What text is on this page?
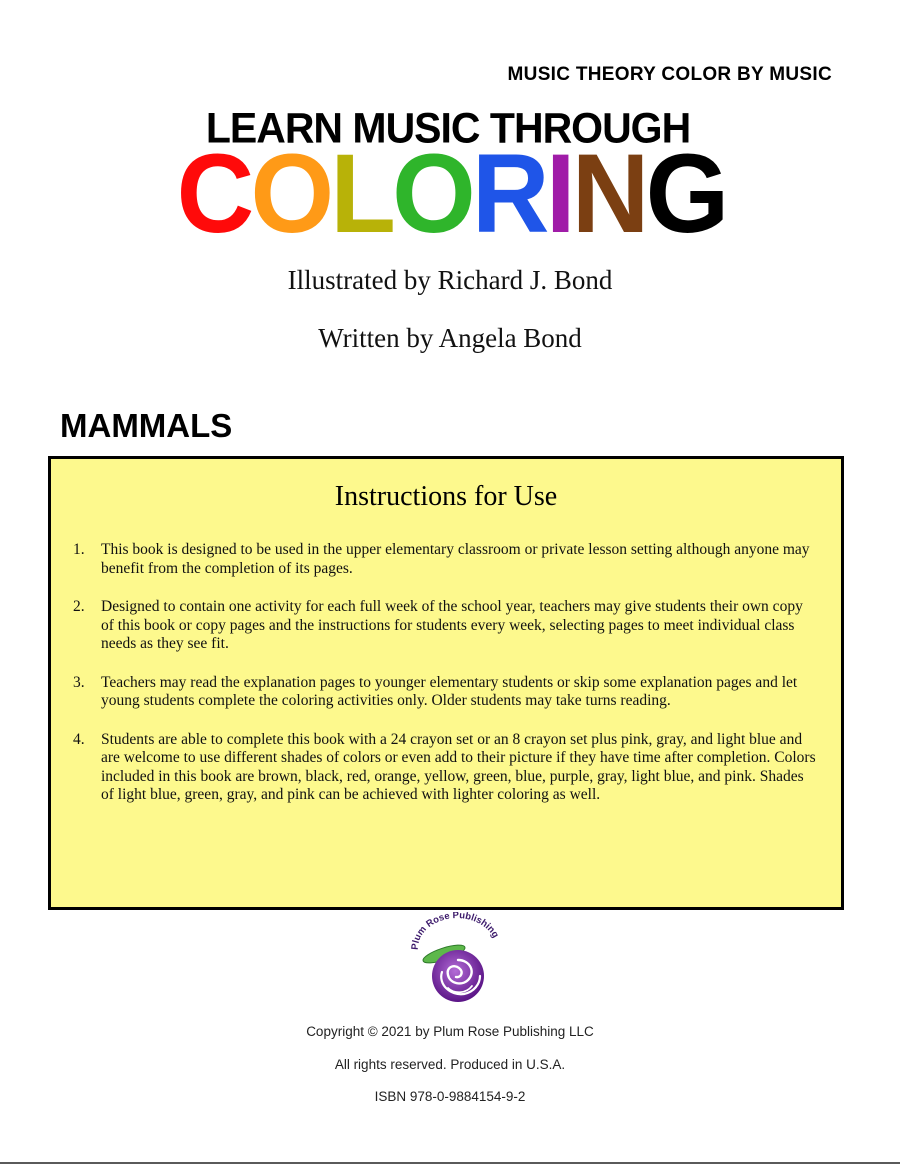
MUSIC THEORY COLOR BY MUSIC
LEARN MUSIC THROUGH
COLORING
Illustrated by Richard J. Bond
Written by Angela Bond
MAMMALS
Instructions for Use
1. This book is designed to be used in the upper elementary classroom or private lesson setting although anyone may benefit from the completion of its pages.
2. Designed to contain one activity for each full week of the school year, teachers may give students their own copy of this book or copy pages and the instructions for students every week, selecting pages to meet individual class needs as they see fit.
3. Teachers may read the explanation pages to younger elementary students or skip some explanation pages and let young students complete the coloring activities only. Older students may take turns reading.
4. Students are able to complete this book with a 24 crayon set or an 8 crayon set plus pink, gray, and light blue and are welcome to use different shades of colors or even add to their picture if they have time after completion. Colors included in this book are brown, black, red, orange, yellow, green, blue, purple, gray, light blue, and pink. Shades of light blue, green, gray, and pink can be achieved with lighter coloring as well.
Plum Rose Publishing
Copyright © 2021 by Plum Rose Publishing LLC
All rights reserved. Produced in U.S.A.
ISBN 978-0-9884154-9-2
